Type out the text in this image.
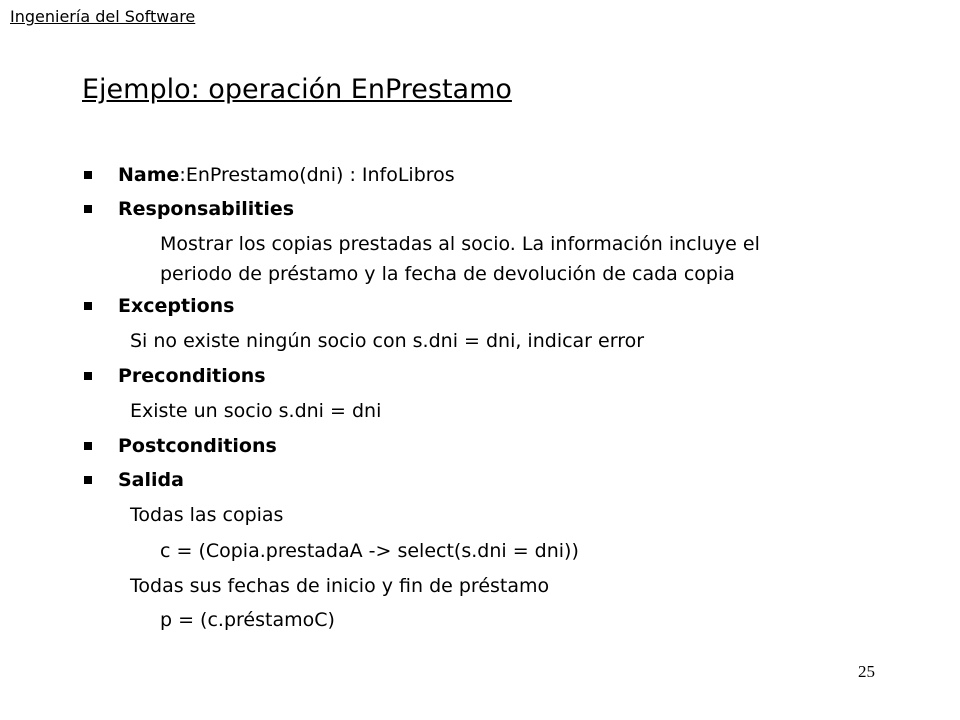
Ingeniería del Software
Ejemplo: operación EnPrestamo
Name:EnPrestamo(dni) : InfoLibros
Responsabilities
Mostrar los copias prestadas al socio. La información incluye el
periodo de préstamo y la fecha de devolución de cada copia
Exceptions
Si no existe ningún socio con s.dni = dni, indicar error
Preconditions
Existe un socio s.dni = dni
Postconditions
Salida
Todas las copias
c = (Copia.prestadaA -> select(s.dni = dni))
Todas sus fechas de inicio y fin de préstamo
p = (c.préstamoC)
25
